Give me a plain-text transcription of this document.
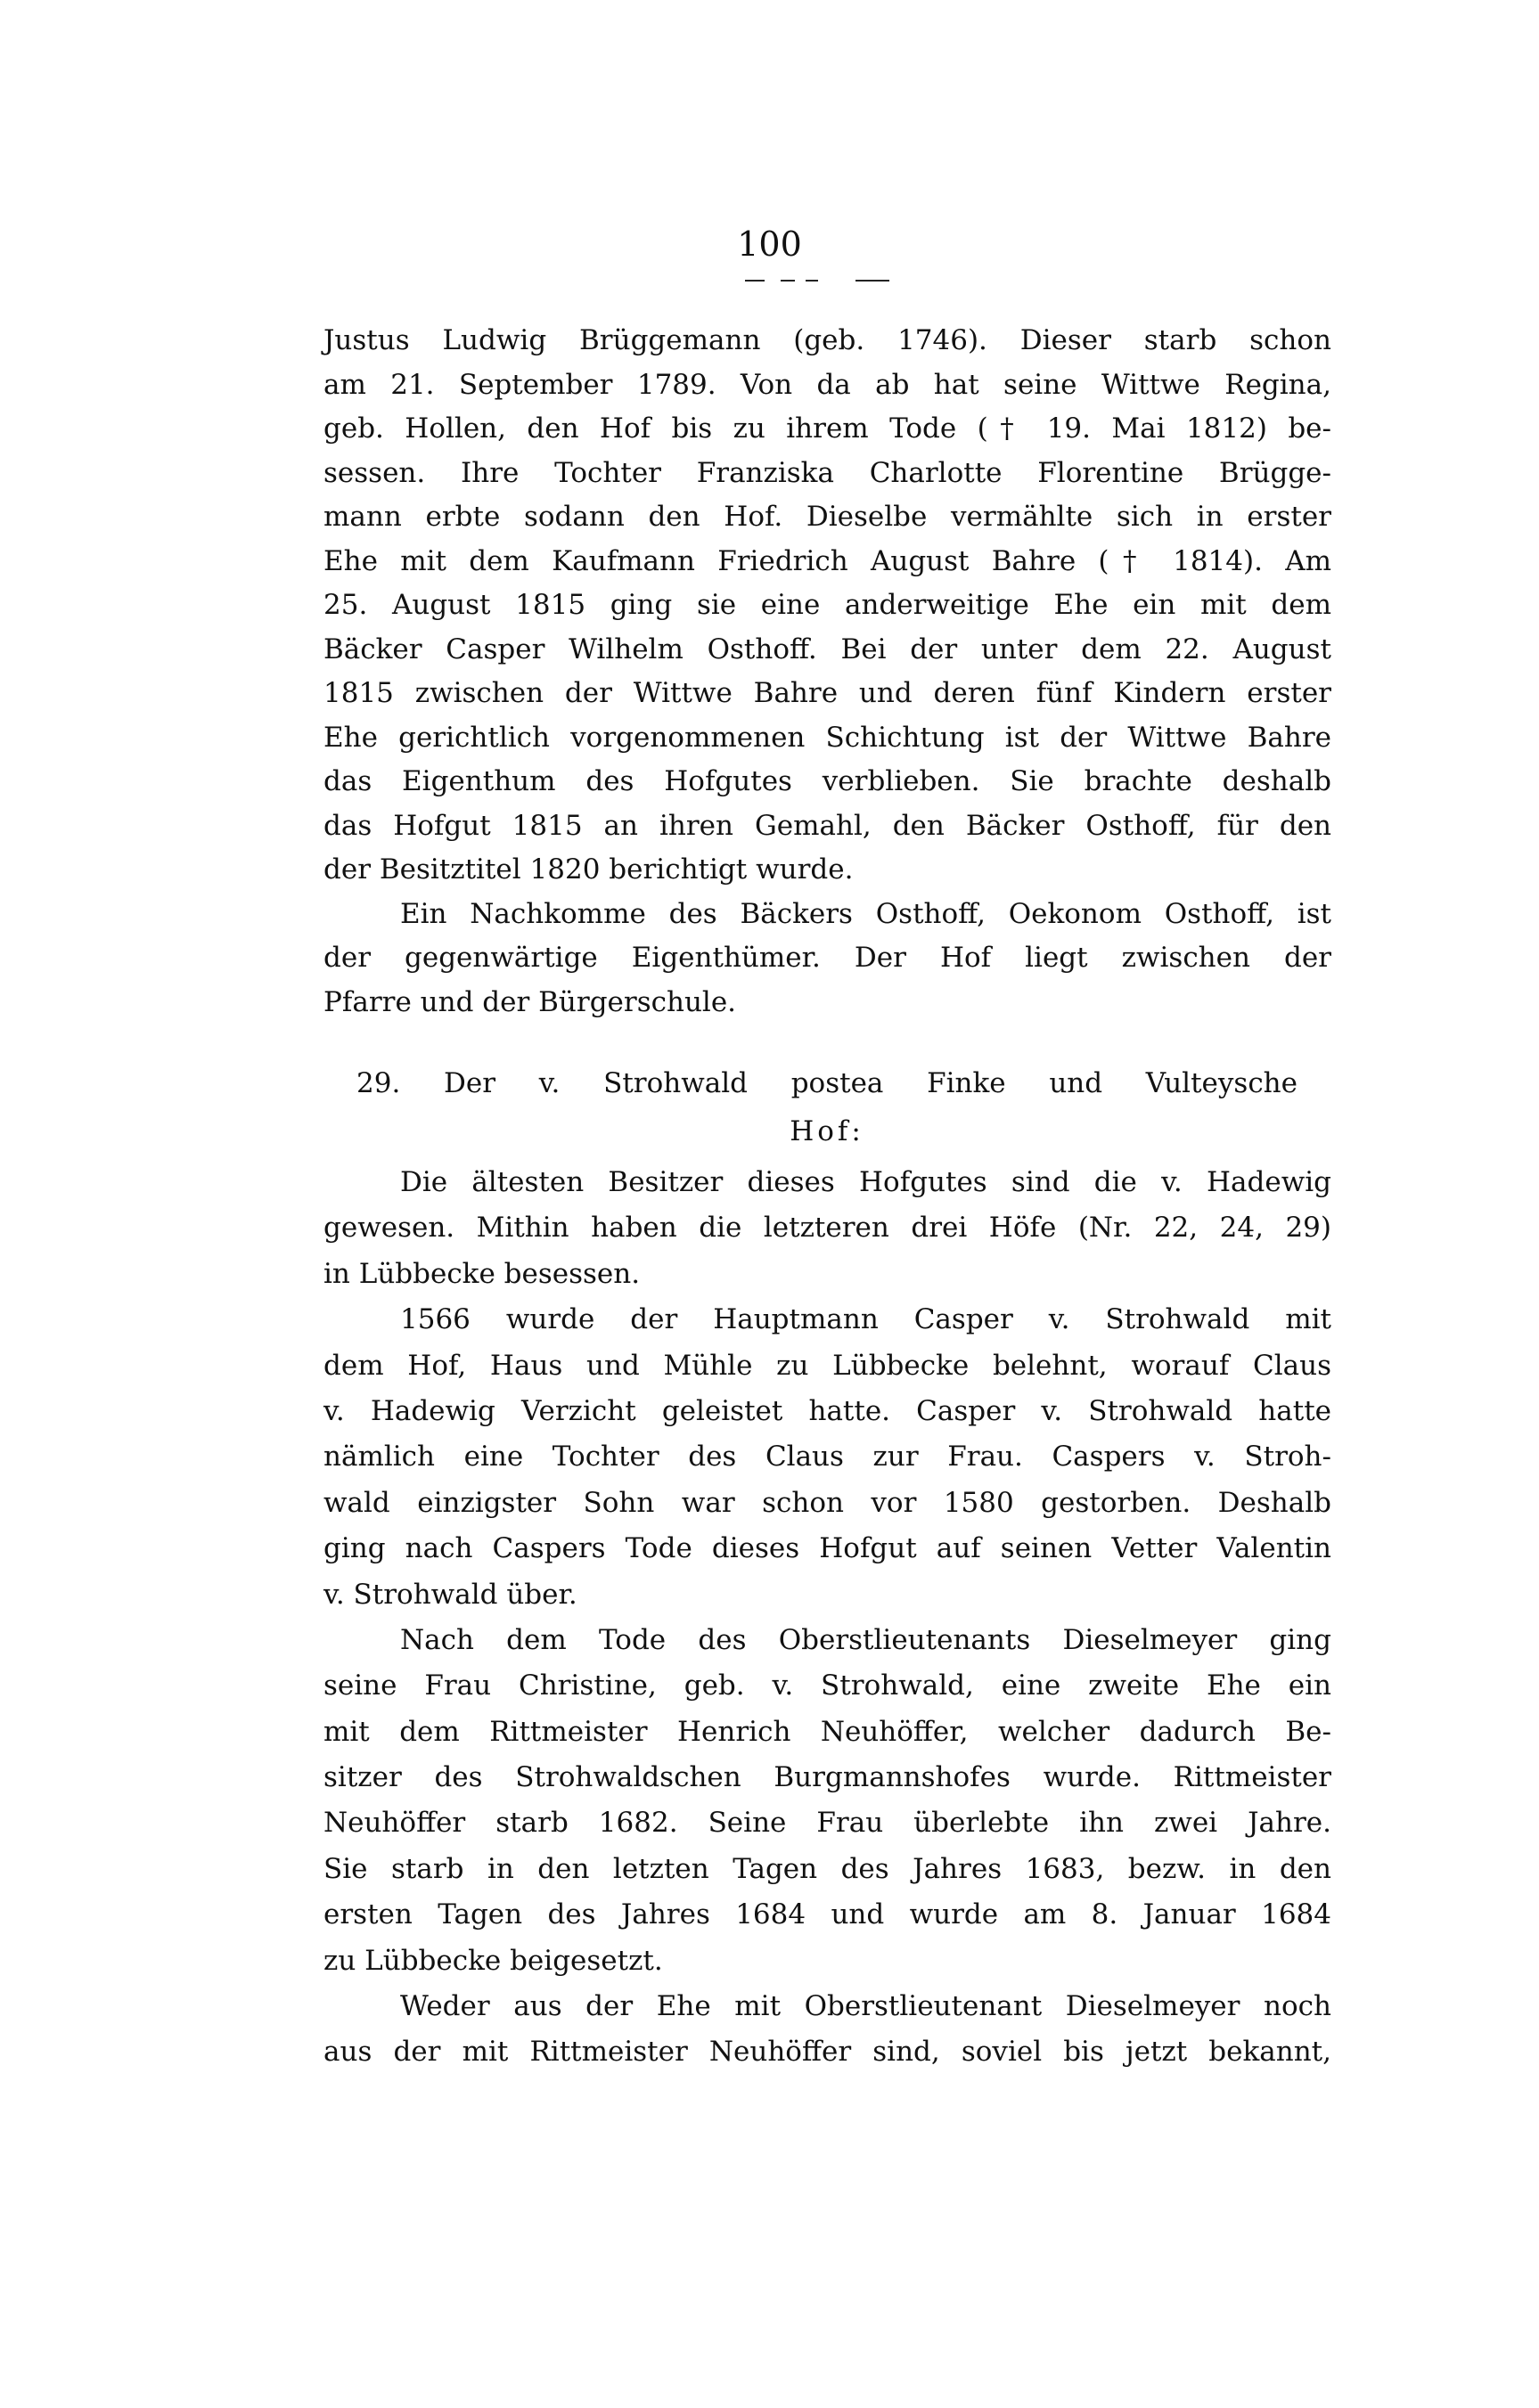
100
Justus Ludwig Brüggemann (geb. 1746). Dieser starb schon
am 21. September 1789. Von da ab hat seine Wittwe Regina,
geb. Hollen, den Hof bis zu ihrem Tode († 19. Mai 1812) be-
sessen. Ihre Tochter Franziska Charlotte Florentine Brügge-
mann erbte sodann den Hof. Dieselbe vermählte sich in erster
Ehe mit dem Kaufmann Friedrich August Bahre († 1814). Am
25. August 1815 ging sie eine anderweitige Ehe ein mit dem
Bäcker Casper Wilhelm Osthoff. Bei der unter dem 22. August
1815 zwischen der Wittwe Bahre und deren fünf Kindern erster
Ehe gerichtlich vorgenommenen Schichtung ist der Wittwe Bahre
das Eigenthum des Hofgutes verblieben. Sie brachte deshalb
das Hofgut 1815 an ihren Gemahl, den Bäcker Osthoff, für den
der Besitztitel 1820 berichtigt wurde.
Ein Nachkomme des Bäckers Osthoff, Oekonom Osthoff, ist
der gegenwärtige Eigenthümer. Der Hof liegt zwischen der
Pfarre und der Bürgerschule.
29. Der v. Strohwald postea Finke und Vulteysche
Hof:
Die ältesten Besitzer dieses Hofgutes sind die v. Hadewig
gewesen. Mithin haben die letzteren drei Höfe (Nr. 22, 24, 29)
in Lübbecke besessen.
1566 wurde der Hauptmann Casper v. Strohwald mit
dem Hof, Haus und Mühle zu Lübbecke belehnt, worauf Claus
v. Hadewig Verzicht geleistet hatte. Casper v. Strohwald hatte
nämlich eine Tochter des Claus zur Frau. Caspers v. Stroh-
wald einzigster Sohn war schon vor 1580 gestorben. Deshalb
ging nach Caspers Tode dieses Hofgut auf seinen Vetter Valentin
v. Strohwald über.
Nach dem Tode des Oberstlieutenants Dieselmeyer ging
seine Frau Christine, geb. v. Strohwald, eine zweite Ehe ein
mit dem Rittmeister Henrich Neuhöffer, welcher dadurch Be-
sitzer des Strohwaldschen Burgmannshofes wurde. Rittmeister
Neuhöffer starb 1682. Seine Frau überlebte ihn zwei Jahre.
Sie starb in den letzten Tagen des Jahres 1683, bezw. in den
ersten Tagen des Jahres 1684 und wurde am 8. Januar 1684
zu Lübbecke beigesetzt.
Weder aus der Ehe mit Oberstlieutenant Dieselmeyer noch
aus der mit Rittmeister Neuhöffer sind, soviel bis jetzt bekannt,
